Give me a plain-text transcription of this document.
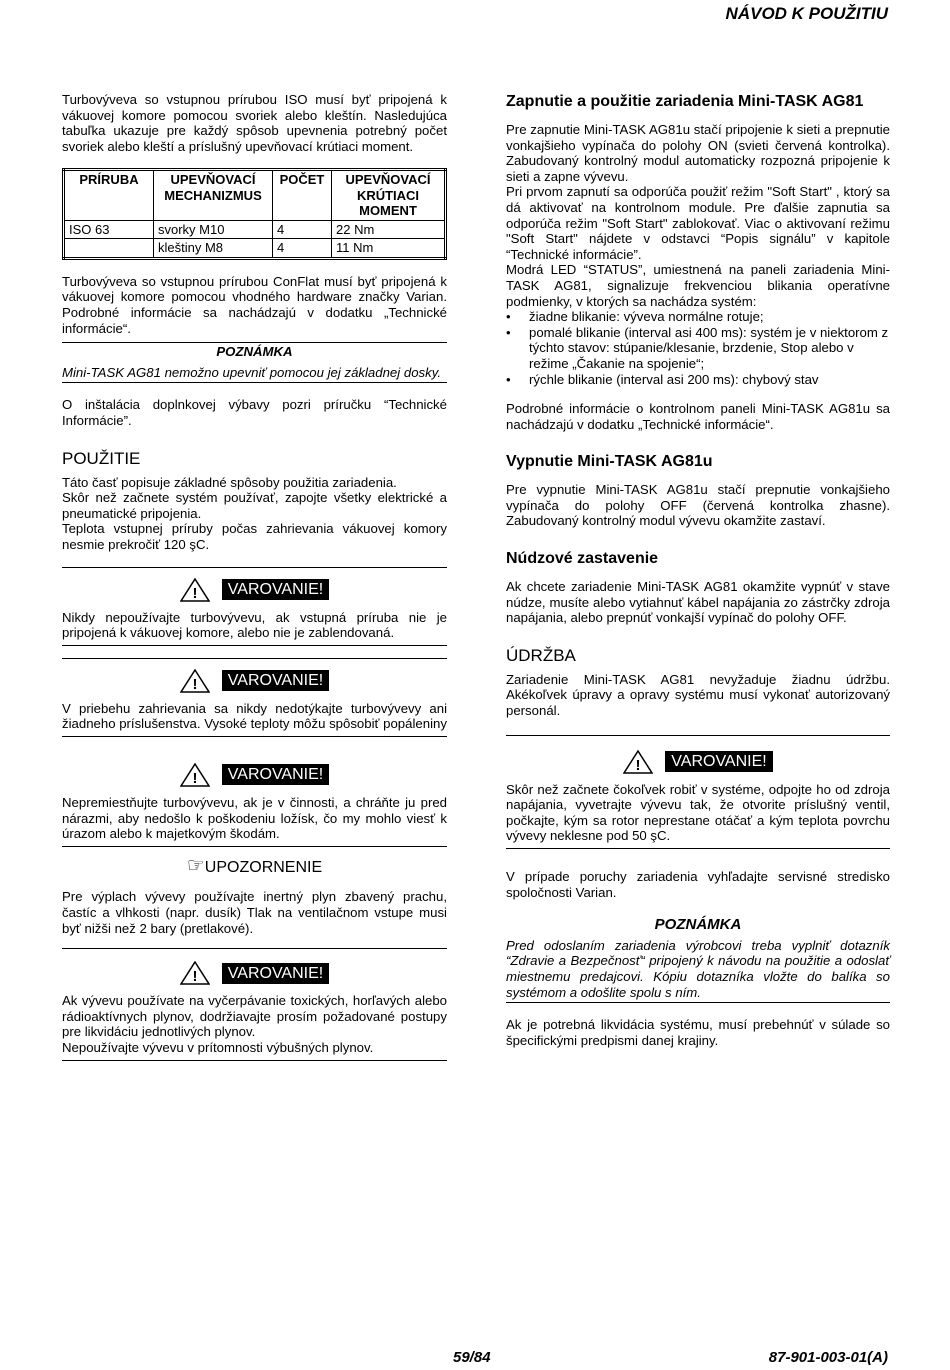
NÁVOD K POUŽITIU

Turbovýveva so vstupnou prírubou ISO musí byť pripojená k vákuovej komore pomocou svoriek alebo kleštín. Nasledujúca tabuľka ukazuje pre každý spôsob upevnenia potrebný počet svoriek alebo kleští a príslušný upevňovací krútiaci moment.

PRÍRUBA	UPEVŇOVACÍ MECHANIZMUS	POČET	UPEVŇOVACÍ KRÚTIACI MOMENT
ISO 63	svorky M10	4	22 Nm
	kleštiny M8	4	11 Nm

Turbovýveva so vstupnou prírubou ConFlat musí byť pripojená k vákuovej komore pomocou vhodného hardware značky Varian. Podrobné informácie sa nachádzajú v dodatku „Technické informácie“.

POZNÁMKA

Mini-TASK AG81 nemožno upevniť pomocou jej základnej dosky.

O inštalácia doplnkovej výbavy pozri príručku “Technické Informácie”.

POUŽITIE

Táto časť popisuje základné spôsoby použitia zariadenia.

Skôr než začnete systém používať, zapojte všetky elektrické a pneumatické pripojenia.

Teplota vstupnej príruby počas zahrievania vákuovej komory nesmie prekročiť 120 şC.

!	VAROVANIE!

Nikdy nepoužívajte turbovývevu, ak vstupná príruba nie je pripojená k vákuovej komore, alebo nie je zablendovaná.

!	VAROVANIE!

V priebehu zahrievania sa nikdy nedotýkajte turbovývevy ani žiadneho príslušenstva. Vysoké teploty môžu spôsobiť popáleniny

!	VAROVANIE!

Nepremiestňujte turbovývevu, ak je v činnosti, a chráňte ju pred nárazmi, aby nedošlo k poškodeniu ložísk, čo my mohlo viesť k úrazom alebo k majetkovým škodám.

☞UPOZORNENIE

Pre výplach vývevy používajte inertný plyn zbavený prachu, častíc a vlhkosti (napr. dusík) Tlak na ventilačnom vstupe musi byť nižši než 2 bary (pretlakové).

!	VAROVANIE!

Ak vývevu používate na vyčerpávanie toxických, horľavých alebo rádioaktívnych plynov, dodržiavajte prosím požadované postupy pre likvidáciu jednotlivých plynov.

Nepoužívajte vývevu v prítomnosti výbušných plynov.

Zapnutie a použitie zariadenia Mini-TASK AG81

Pre zapnutie Mini-TASK AG81u stačí pripojenie k sieti a prepnutie vonkajšieho vypínača do polohy ON (svieti červená kontrolka). Zabudovaný kontrolný modul automaticky rozpozná pripojenie k sieti a zapne vývevu.

Pri prvom zapnutí sa odporúča použiť režim "Soft Start" , ktorý sa dá aktivovať na kontrolnom module. Pre ďalšie zapnutia sa odporúča režim "Soft Start" zablokovať. Viac o aktivovaní režimu "Soft Start" nájdete v odstavci “Popis signálu” v kapitole “Technické informácie”.

Modrá LED “STATUS”, umiestnená na paneli zariadenia Mini-TASK AG81, signalizuje frekvenciou blikania operatívne podmienky, v ktorých sa nachádza systém:

• žiadne blikanie: výveva normálne rotuje;
• pomalé blikanie (interval asi 400 ms): systém je v niektorom z týchto stavov: stúpanie/klesanie, brzdenie, Stop alebo v režime „Čakanie na spojenie“;
• rýchle blikanie (interval asi 200 ms): chybový stav

Podrobné informácie o kontrolnom paneli Mini-TASK AG81u sa nachádzajú v dodatku „Technické informácie“.

Vypnutie Mini-TASK AG81u

Pre vypnutie Mini-TASK AG81u stačí prepnutie vonkajšieho vypínača do polohy OFF (červená kontrolka zhasne). Zabudovaný kontrolný modul vývevu okamžite zastaví.

Núdzové zastavenie

Ak chcete zariadenie Mini-TASK AG81 okamžite vypnúť v stave núdze, musíte alebo vytiahnuť kábel napájania zo zástrčky zdroja napájania, alebo prepnúť vonkajší vypínač do polohy OFF.

ÚDRŽBA

Zariadenie Mini-TASK AG81 nevyžaduje žiadnu údržbu. Akékoľvek úpravy a opravy systému musí vykonať autorizovaný personál.

!	VAROVANIE!

Skôr než začnete čokoľvek robiť v systéme, odpojte ho od zdroja napájania, vyvetrajte vývevu tak, že otvorite príslušný ventil, počkajte, kým sa rotor neprestane otáčať a kým teplota povrchu vývevy neklesne pod 50 şC.

V prípade poruchy zariadenia vyhľadajte servisné stredisko spoločnosti Varian.

POZNÁMKA

Pred odoslaním zariadenia výrobcovi treba vyplniť dotazník “Zdravie a Bezpečnosť“ pripojený k návodu na použitie a odoslať miestnemu predajcovi. Kópiu dotazníka vložte do balíka so systémom a odošlite spolu s ním.

Ak je potrebná likvidácia systému, musí prebehnúť v súlade so špecifickými predpismi danej krajiny.

59/84	87-901-003-01(A)
